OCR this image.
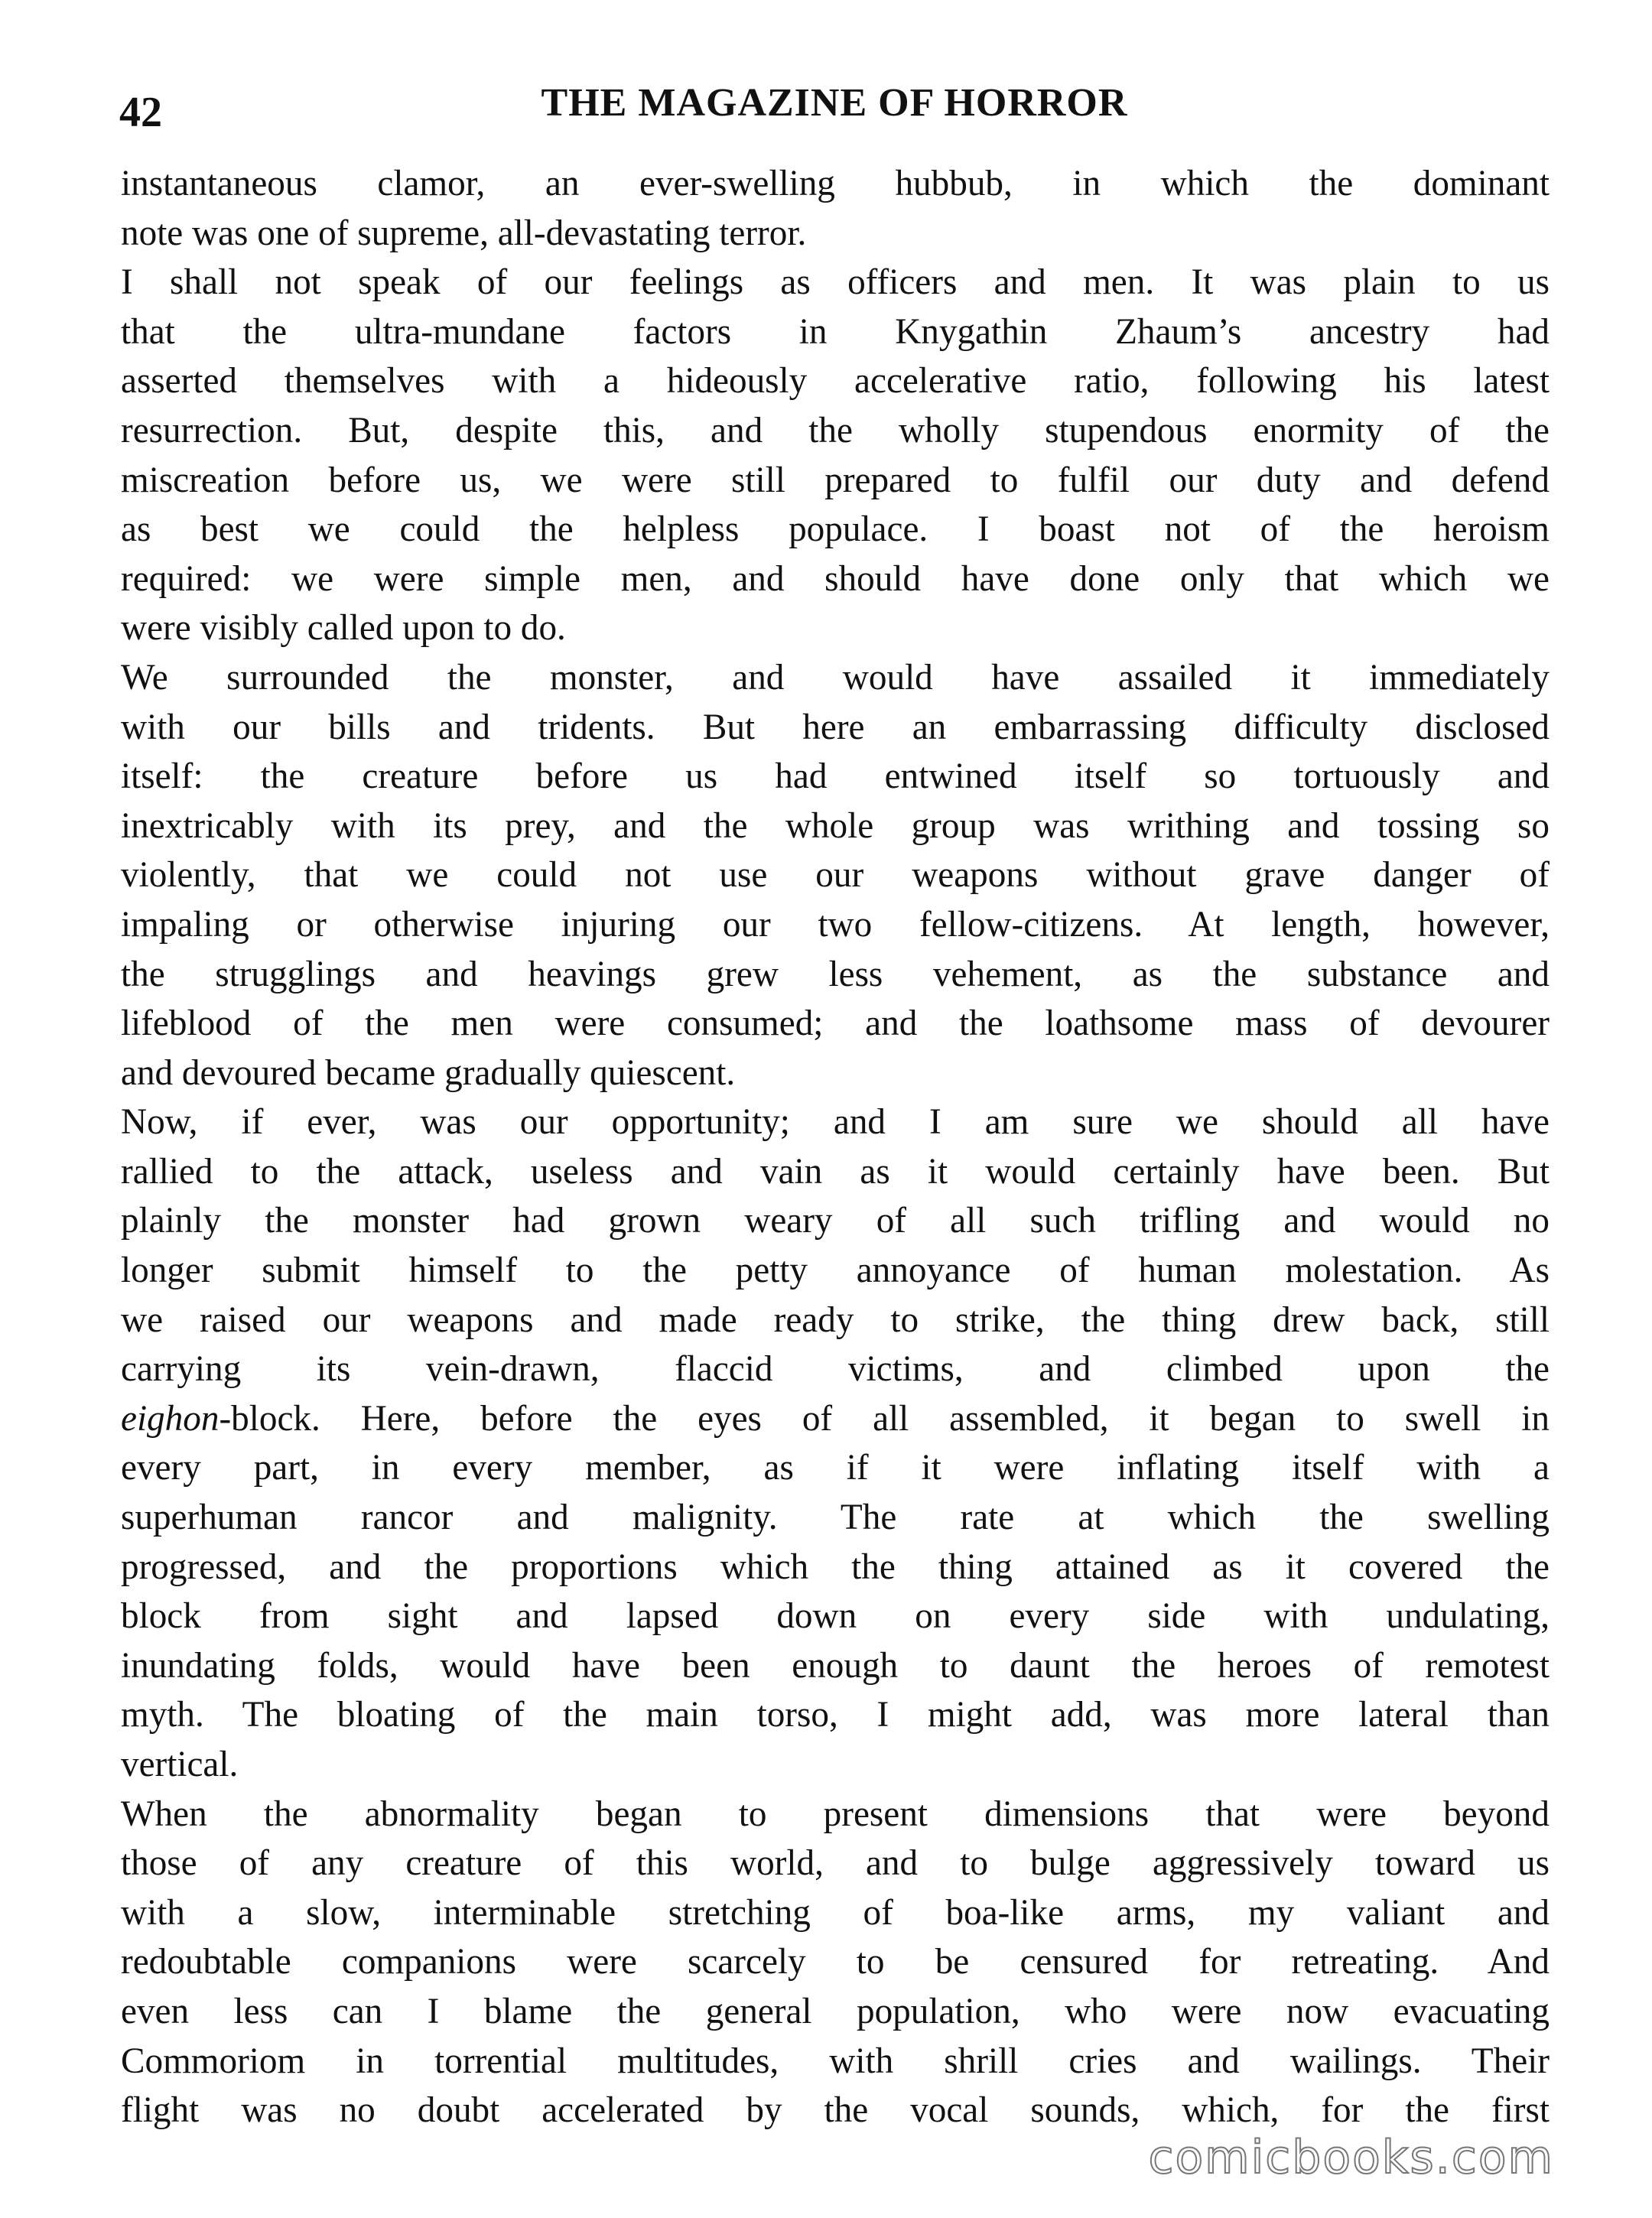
42	THE MAGAZINE OF HORROR

instantaneous clamor, an ever-swelling hubbub, in which the dominant
note was one of supreme, all-devastating terror.

I shall not speak of our feelings as officers and men. It was plain to us
that the ultra-mundane factors in Knygathin Zhaum’s ancestry had
asserted themselves with a hideously accelerative ratio, following his latest
resurrection. But, despite this, and the wholly stupendous enormity of the
miscreation before us, we were still prepared to fulfil our duty and defend
as best we could the helpless populace. I boast not of the heroism
required: we were simple men, and should have done only that which we
were visibly called upon to do.

We surrounded the monster, and would have assailed it immediately
with our bills and tridents. But here an embarrassing difficulty disclosed
itself: the creature before us had entwined itself so tortuously and
inextricably with its prey, and the whole group was writhing and tossing so
violently, that we could not use our weapons without grave danger of
impaling or otherwise injuring our two fellow-citizens. At length, however,
the strugglings and heavings grew less vehement, as the substance and
lifeblood of the men were consumed; and the loathsome mass of devourer
and devoured became gradually quiescent.

Now, if ever, was our opportunity; and I am sure we should all have
rallied to the attack, useless and vain as it would certainly have been. But
plainly the monster had grown weary of all such trifling and would no
longer submit himself to the petty annoyance of human molestation. As
we raised our weapons and made ready to strike, the thing drew back, still
carrying its vein-drawn, flaccid victims, and climbed upon the
eighon-block. Here, before the eyes of all assembled, it began to swell in
every part, in every member, as if it were inflating itself with a
superhuman rancor and malignity. The rate at which the swelling
progressed, and the proportions which the thing attained as it covered the
block from sight and lapsed down on every side with undulating,
inundating folds, would have been enough to daunt the heroes of remotest
myth. The bloating of the main torso, I might add, was more lateral than
vertical.

When the abnormality began to present dimensions that were beyond
those of any creature of this world, and to bulge aggressively toward us
with a slow, interminable stretching of boa-like arms, my valiant and
redoubtable companions were scarcely to be censured for retreating. And
even less can I blame the general population, who were now evacuating
Commoriom in torrential multitudes, with shrill cries and wailings. Their
flight was no doubt accelerated by the vocal sounds, which, for the first

comicbooks.com
